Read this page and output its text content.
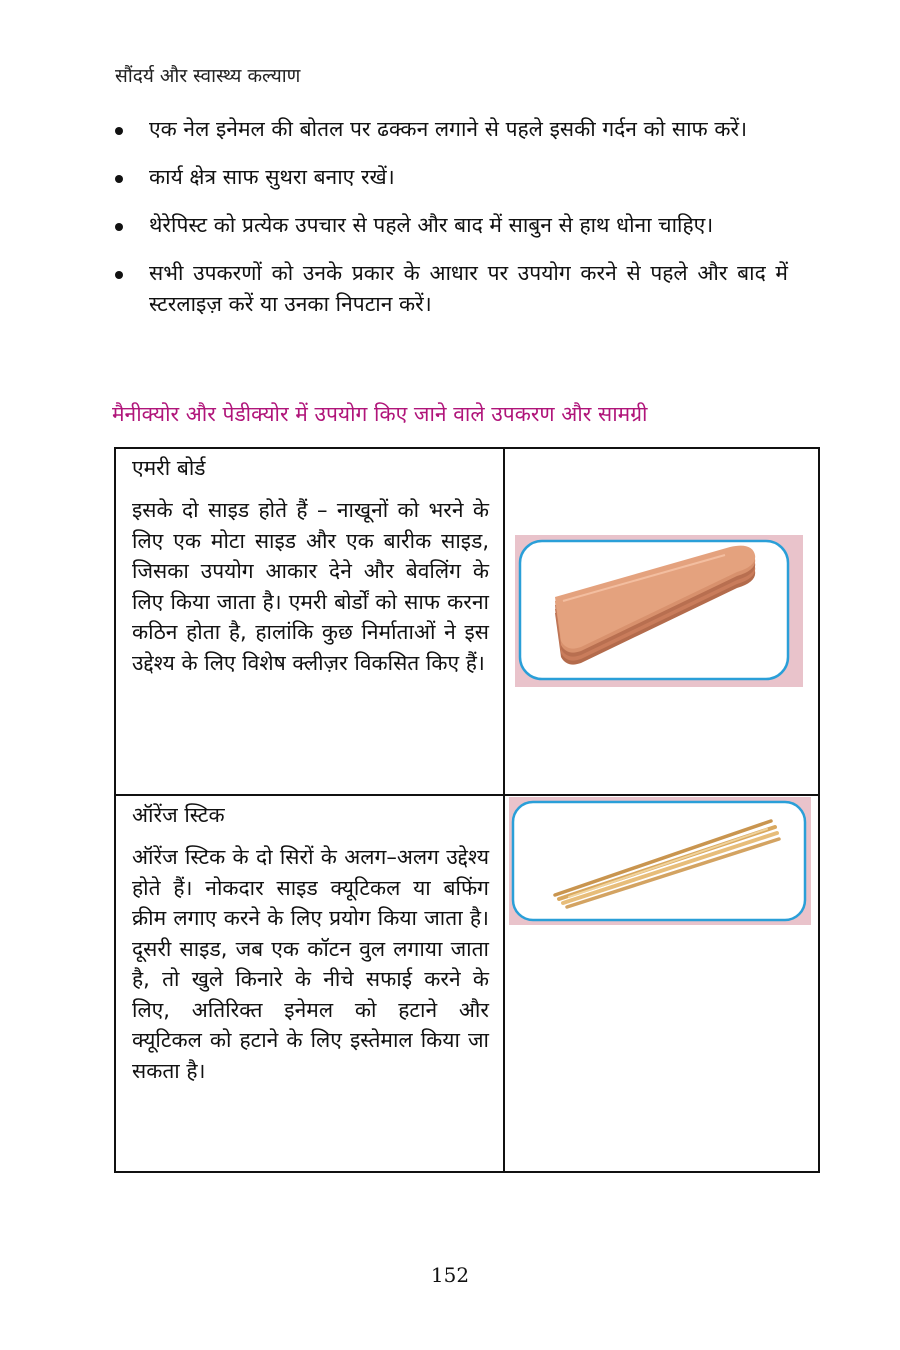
सौंदर्य और स्वास्थ्य कल्याण
एक नेल इनेमल की बोतल पर ढक्कन लगाने से पहले इसकी गर्दन को साफ करें।
कार्य क्षेत्र साफ सुथरा बनाए रखें।
थेरेपिस्ट को प्रत्येक उपचार से पहले और बाद में साबुन से हाथ धोना चाहिए।
सभी उपकरणों को उनके प्रकार के आधार पर उपयोग करने से पहले और बाद में स्टरलाइज़ करें या उनका निपटान करें।
मैनीक्योर और पेडीक्योर में उपयोग किए जाने वाले उपकरण और सामग्री
एमरी बोर्ड
इसके दो साइड होते हैं – नाखूनों को भरने के लिए एक मोटा साइड और एक बारीक साइड, जिसका उपयोग आकार देने और बेवलिंग के लिए किया जाता है। एमरी बोर्डों को साफ करना कठिन होता है, हालांकि कुछ निर्माताओं ने इस उद्देश्य के लिए विशेष क्लीज़र विकसित किए हैं।

ऑरेंज स्टिक
ऑरेंज स्टिक के दो सिरों के अलग–अलग उद्देश्य होते हैं। नोकदार साइड क्यूटिकल या बफिंग क्रीम लगाए करने के लिए प्रयोग किया जाता है। दूसरी साइड, जब एक कॉटन वुल लगाया जाता है, तो खुले किनारे के नीचे सफाई करने के लिए, अतिरिक्त इनेमल को हटाने और क्यूटिकल को हटाने के लिए इस्तेमाल किया जा सकता है।

152
